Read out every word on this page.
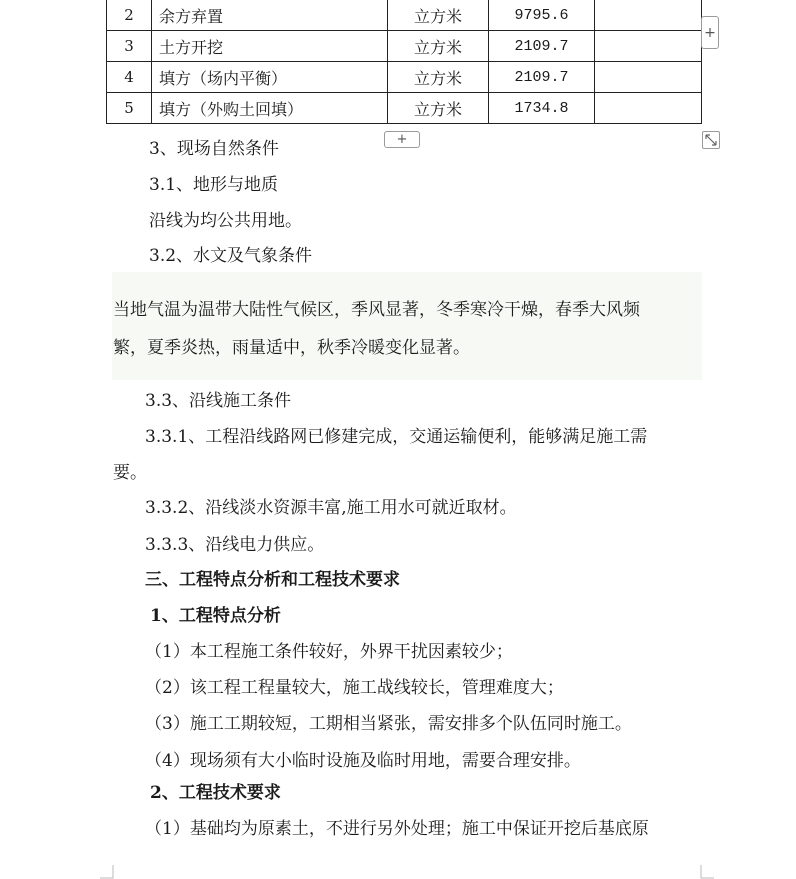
2	余方弃置	立方米	9795.6	
3	土方开挖	立方米	2109.7	
4	填方（场内平衡）	立方米	2109.7	
5	填方（外购土回填）	立方米	1734.8	
+
+
3、现场自然条件
3.1、地形与地质
沿线为均公共用地。
3.2、水文及气象条件
当地气温为温带大陆性气候区，季风显著，冬季寒冷干燥，春季大风频
繁，夏季炎热，雨量适中，秋季冷暖变化显著。
3.3、沿线施工条件
3.3.1、工程沿线路网已修建完成，交通运输便利，能够满足施工需
要。
3.3.2、沿线淡水资源丰富,施工用水可就近取材。
3.3.3、沿线电力供应。
三、工程特点分析和工程技术要求
1、工程特点分析
（1）本工程施工条件较好，外界干扰因素较少；
（2）该工程工程量较大，施工战线较长，管理难度大；
（3）施工工期较短，工期相当紧张，需安排多个队伍同时施工。
（4）现场须有大小临时设施及临时用地，需要合理安排。
2、工程技术要求
（1）基础均为原素土，不进行另外处理；施工中保证开挖后基底原
